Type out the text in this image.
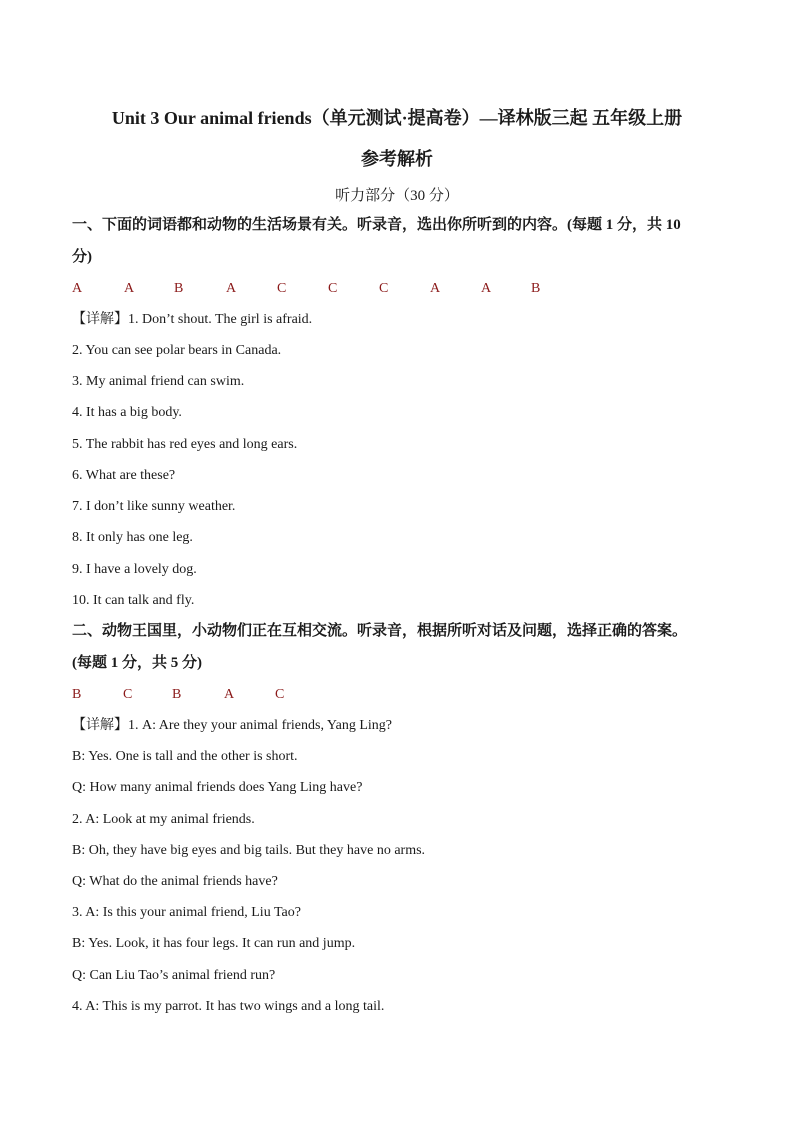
Unit 3 Our animal friends（单元测试·提高卷）—译林版三起 五年级上册
参考解析
听力部分（30 分）
一、下面的词语都和动物的生活场景有关。听录音，选出你所听到的内容。(每题 1 分，共 10
分)
A	A	B	A	C	C	C	A	A	B
【详解】1. Don’t shout. The girl is afraid.
2. You can see polar bears in Canada.
3. My animal friend can swim.
4. It has a big body.
5. The rabbit has red eyes and long ears.
6. What are these?
7. I don’t like sunny weather.
8. It only has one leg.
9. I have a lovely dog.
10. It can talk and fly.
二、动物王国里，小动物们正在互相交流。听录音，根据所听对话及问题，选择正确的答案。
(每题 1 分，共 5 分)
B	C	B	A	C
【详解】1. A: Are they your animal friends, Yang Ling?
B: Yes. One is tall and the other is short.
Q: How many animal friends does Yang Ling have?
2. A: Look at my animal friends.
B: Oh, they have big eyes and big tails. But they have no arms.
Q: What do the animal friends have?
3. A: Is this your animal friend, Liu Tao?
B: Yes. Look, it has four legs. It can run and jump.
Q: Can Liu Tao’s animal friend run?
4. A: This is my parrot. It has two wings and a long tail.
